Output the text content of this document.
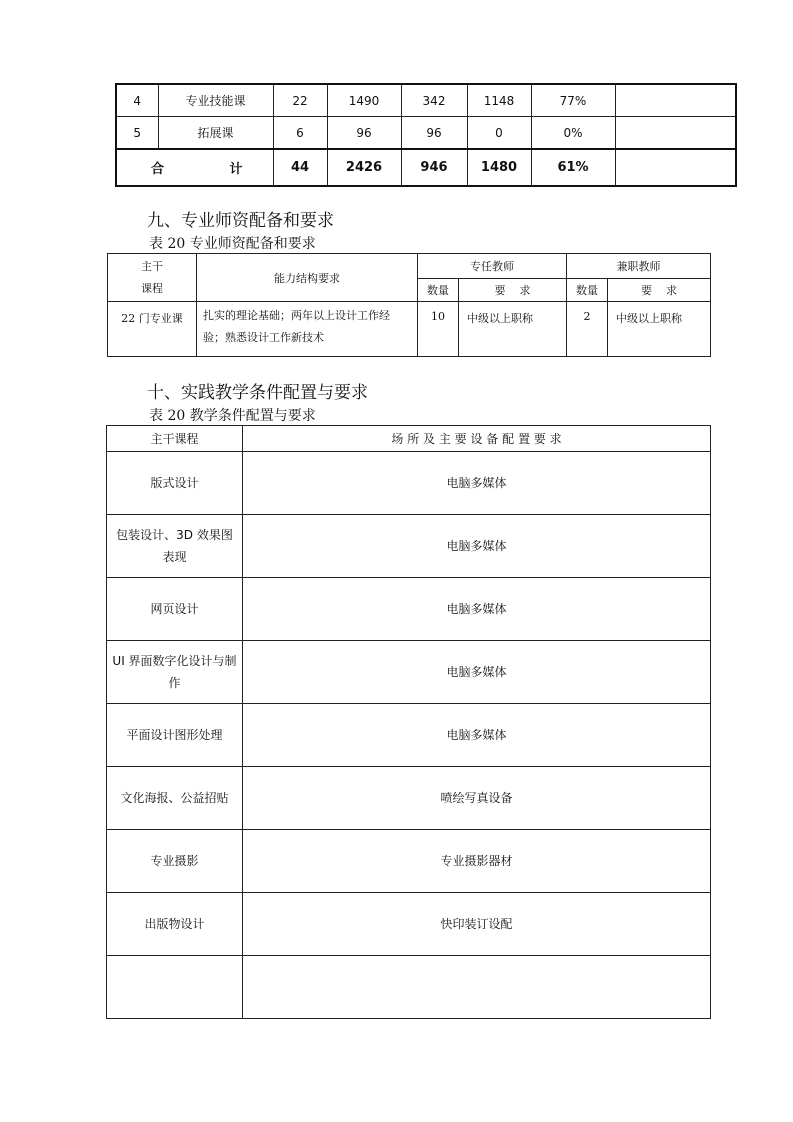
4	专业技能课	22	1490	342	1148	77%	
5	拓展课	6	96	96	0	0%	

合 计		44	2426	946	1480	61%	
九、专业师资配备和要求
表 20 专业师资配备和要求
主干
课程	能力结构要求	专任教师		兼职教师	
		数量	要    求	数量	要    求
22 门专业课	扎实的理论基础；两年以上设计工作经验；熟悉设计工作新技术	10	中级以上职称	2	中级以上职称
十、实践教学条件配置与要求
表 20 教学条件配置与要求
主干课程	场 所 及 主 要 设 备 配 置 要 求
版式设计	电脑多媒体
包装设计、3D 效果图表现	电脑多媒体
网页设计	电脑多媒体
UI 界面数字化设计与制作	电脑多媒体
平面设计图形处理	电脑多媒体
文化海报、公益招贴	喷绘写真设备
专业摄影	专业摄影器材
出版物设计	快印装订设配
